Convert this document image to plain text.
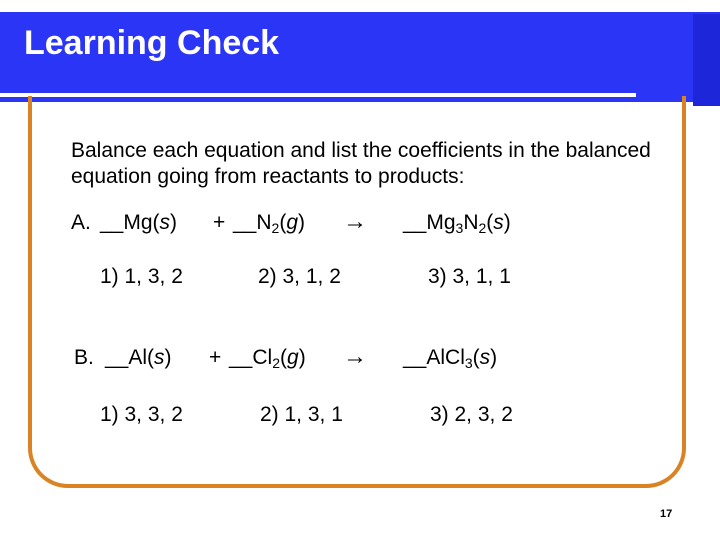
Learning Check
Balance each equation and list the coefficients in the balanced equation going from reactants to products:
A. __Mg(s) + $\_\_N_2(g)$ → $\_\_Mg_3N_2(s)$
1) 1, 3, 2	2) 3, 1, 2	3) 3, 1, 1
B. __Al(s) + $\_\_Cl_2(g)$ → __AlCl$_3$(s)
1) 3, 3, 2	2) 1, 3, 1	3) 2, 3, 2
17
